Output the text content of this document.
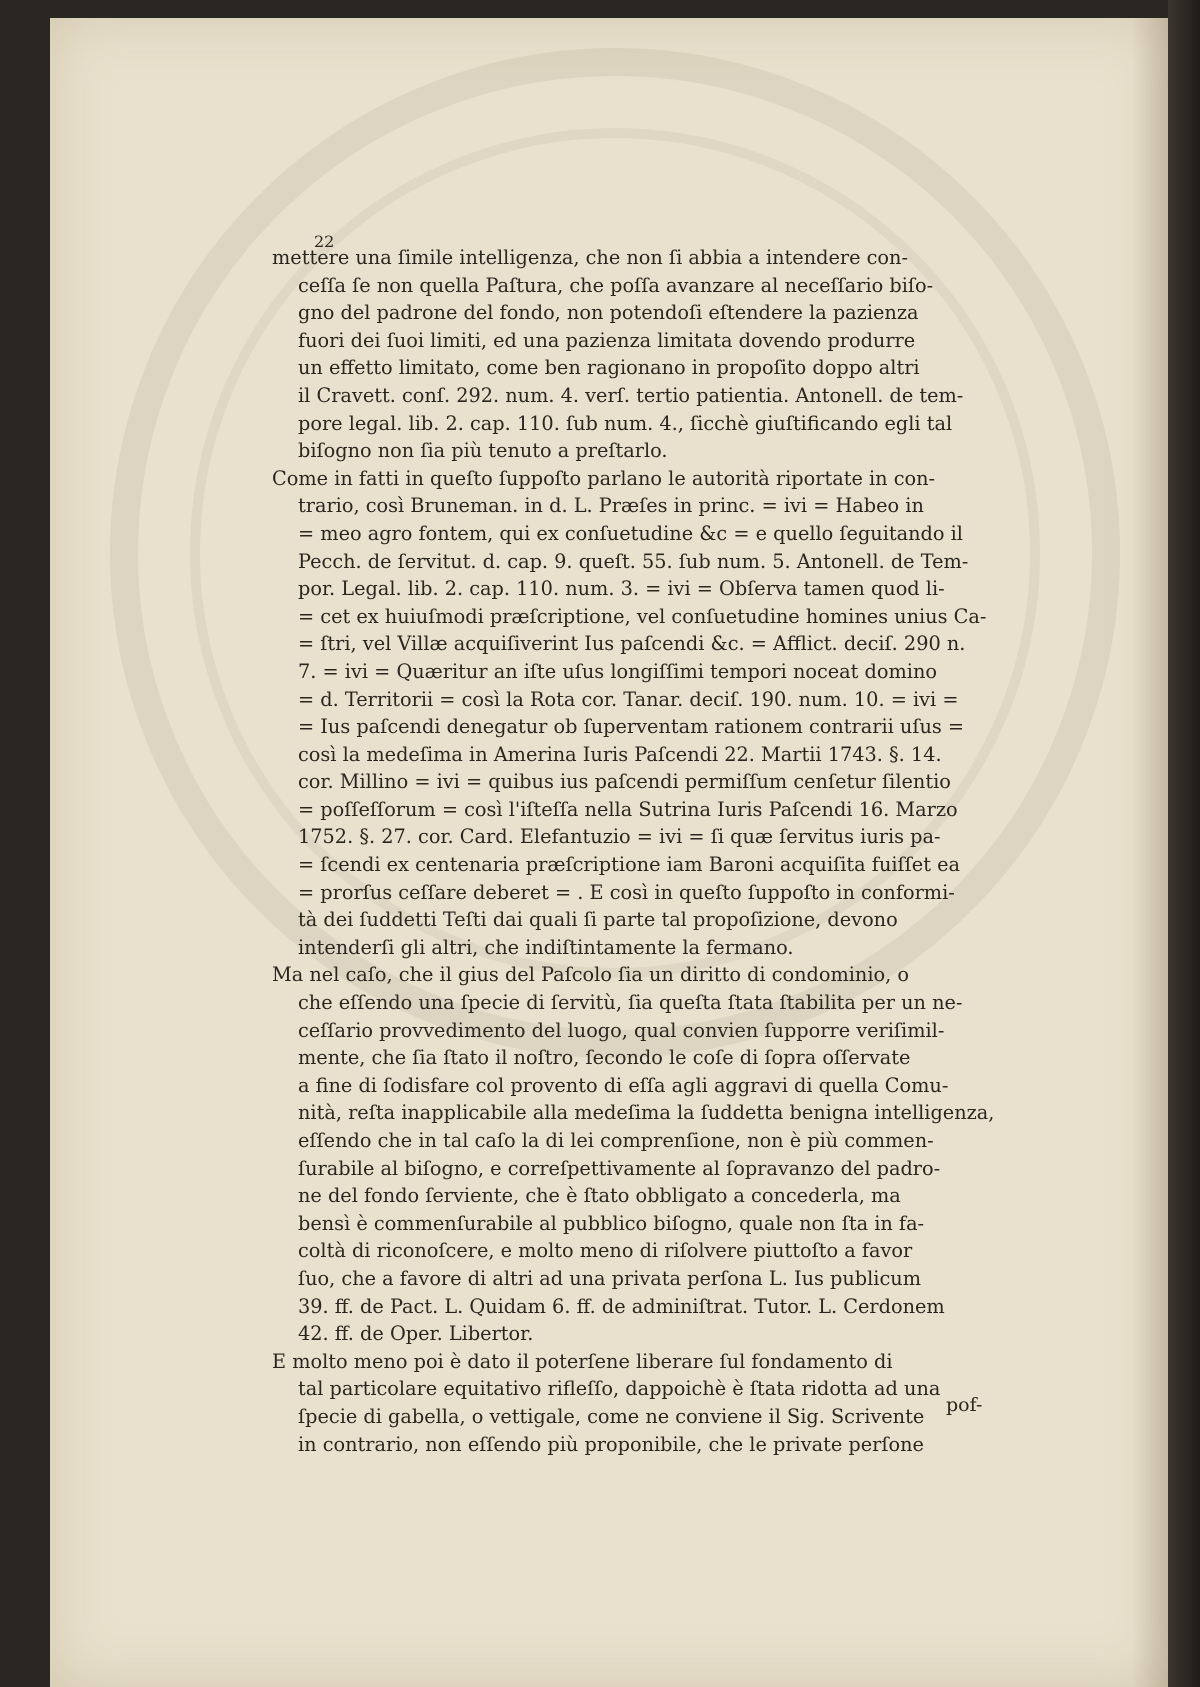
22
mettere una ſimile intelligenza, che non ſi abbia a intendere con-
ceſſa ſe non quella Paſtura, che poſſa avanzare al neceſſario biſo-
gno del padrone del fondo, non potendoſi eſtendere la pazienza
fuori dei ſuoi limiti, ed una pazienza limitata dovendo produrre
un effetto limitato, come ben ragionano in propoſito doppo altri
il Cravett. conſ. 292. num. 4. verſ. tertio patientia. Antonell. de tem-
pore legal. lib. 2. cap. 110. ſub num. 4., ſicchè giuſtificando egli tal
biſogno non ſia più tenuto a preſtarlo.
Come in fatti in queſto ſuppoſto parlano le autorità riportate in con-
trario, così Bruneman. in d. L. Præſes in princ. = ivi = Habeo in
= meo agro fontem, qui ex conſuetudine &c = e quello ſeguitando il
Pecch. de ſervitut. d. cap. 9. queſt. 55. ſub num. 5. Antonell. de Tem-
por. Legal. lib. 2. cap. 110. num. 3. = ivi = Obſerva tamen quod li-
= cet ex huiuſmodi præſcriptione, vel conſuetudine homines unius Ca-
= ſtri, vel Villæ acquiſiverint Ius paſcendi &c. = Afflict. deciſ. 290 n.
7. = ivi = Quæritur an iſte uſus longiſſimi tempori noceat domino
= d. Territorii = così la Rota cor. Tanar. deciſ. 190. num. 10. = ivi =
= Ius paſcendi denegatur ob ſuperventam rationem contrarii uſus =
così la medeſima in Amerina Iuris Paſcendi 22. Martii 1743. §. 14.
cor. Millino = ivi = quibus ius paſcendi permiſſum cenſetur ſilentio
= poſſeſſorum = così l'iſteſſa nella Sutrina Iuris Paſcendi 16. Marzo
1752. §. 27. cor. Card. Elefantuzio = ivi = ſi quæ ſervitus iuris pa-
= ſcendi ex centenaria præſcriptione iam Baroni acquiſita fuiſſet ea
= prorſus ceſſare deberet = . E così in queſto ſuppoſto in conformi-
tà dei ſuddetti Teſti dai quali ſi parte tal propoſizione, devono
intenderſi gli altri, che indiſtintamente la fermano.
Ma nel caſo, che il gius del Paſcolo ſia un diritto di condominio, o
che eſſendo una ſpecie di ſervitù, ſia queſta ſtata ſtabilita per un ne-
ceſſario provvedimento del luogo, qual convien ſupporre veriſimil-
mente, che ſia ſtato il noſtro, ſecondo le coſe di ſopra oſſervate
a fine di ſodisfare col provento di eſſa agli aggravi di quella Comu-
nità, reſta inapplicabile alla medeſima la ſuddetta benigna intelligenza,
eſſendo che in tal caſo la di lei comprenſione, non è più commen-
ſurabile al biſogno, e correſpettivamente al ſopravanzo del padro-
ne del fondo ſerviente, che è ſtato obbligato a concederla, ma
bensì è commenſurabile al pubblico biſogno, quale non ſta in fa-
coltà di riconoſcere, e molto meno di riſolvere piuttoſto a favor
ſuo, che a favore di altri ad una privata perſona L. Ius publicum
39. ff. de Pact. L. Quidam 6. ff. de adminiſtrat. Tutor. L. Cerdonem
42. ff. de Oper. Libertor.
E molto meno poi è dato il poterſene liberare ſul fondamento di
tal particolare equitativo rifleſſo, dappoichè è ſtata ridotta ad una
ſpecie di gabella, o vettigale, come ne conviene il Sig. Scrivente
in contrario, non eſſendo più proponibile, che le private perſone
pof-
